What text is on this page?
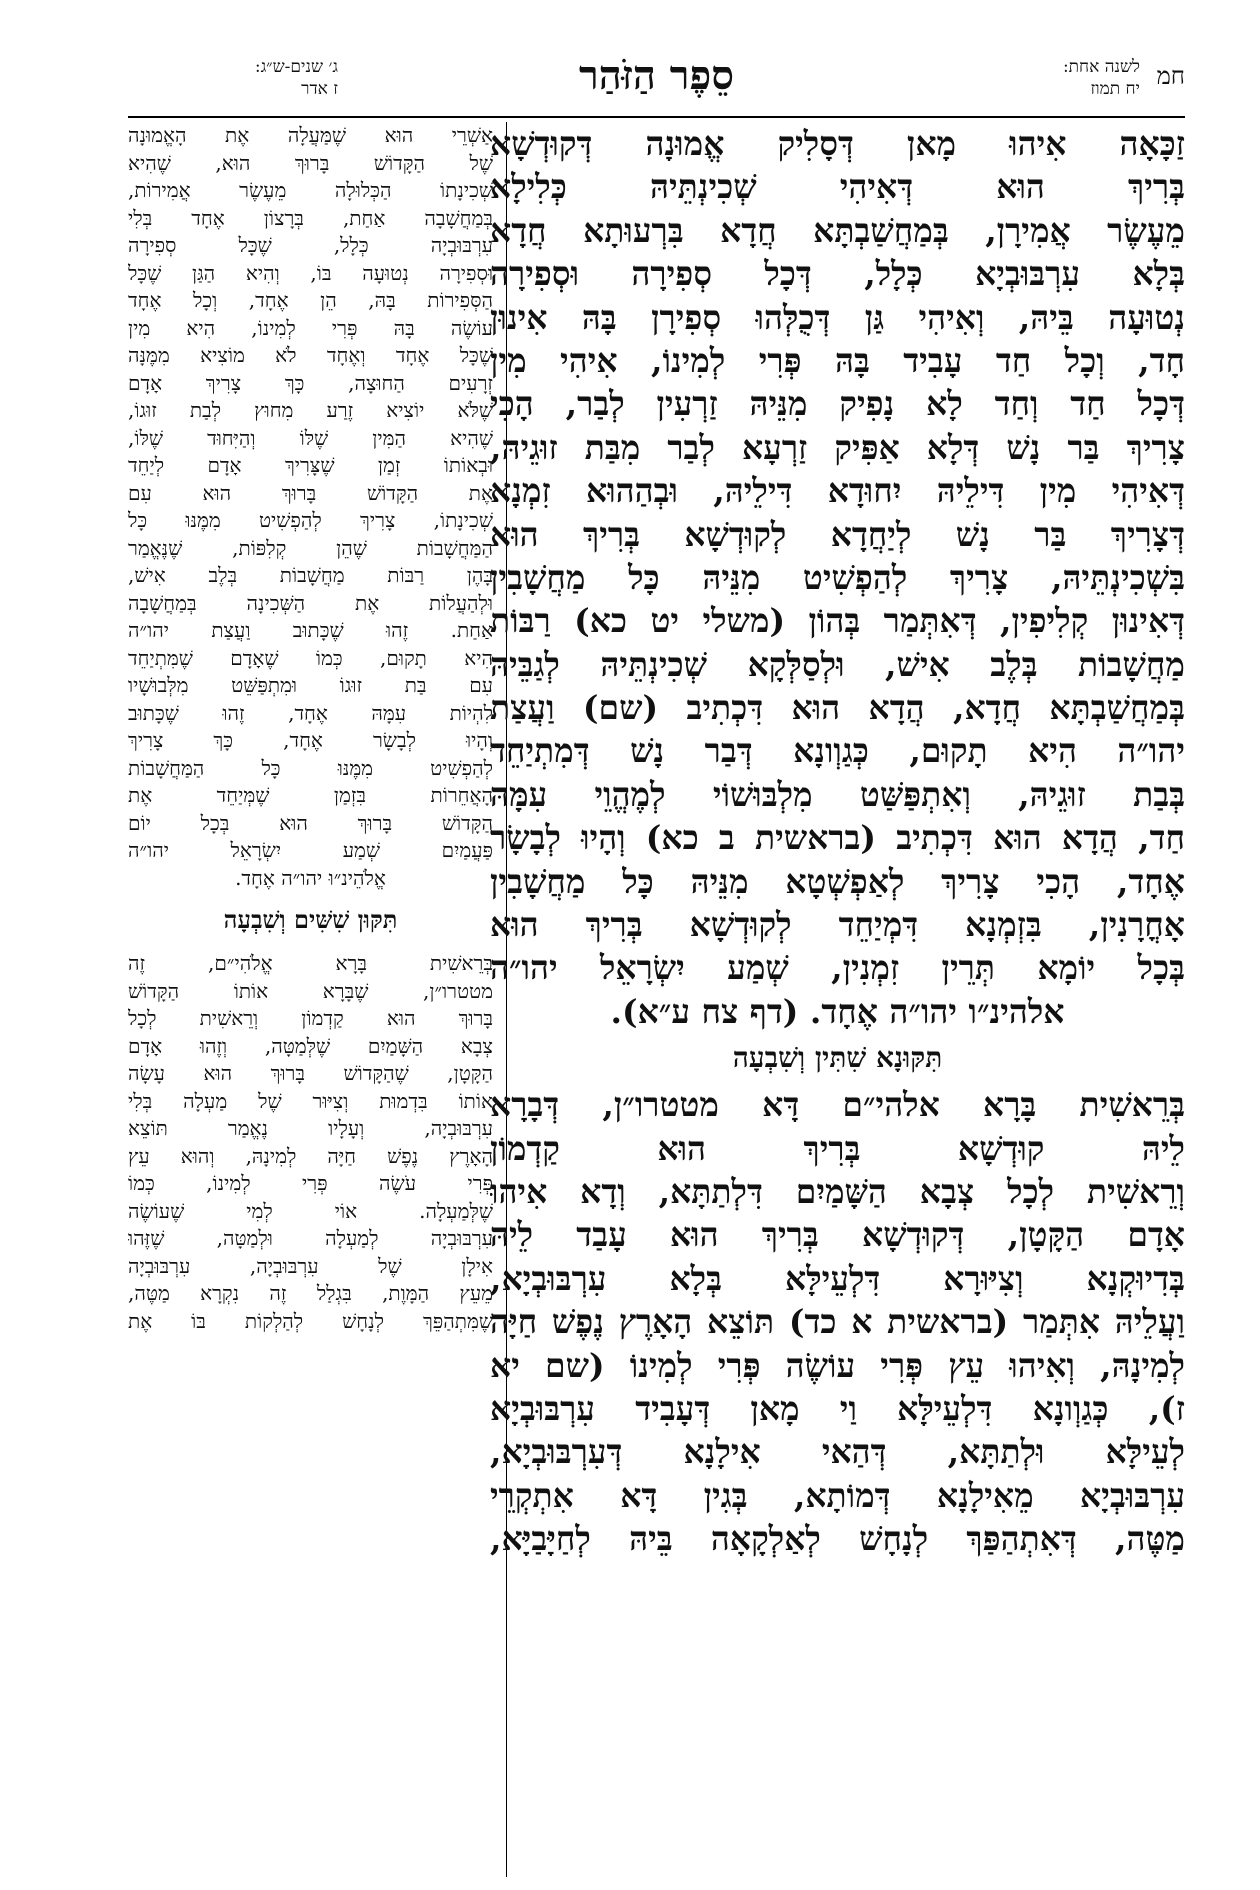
חמ
לשנה אחת:
יח תמוז
סֵפֶר הַזֹּהַר
ג׳ שנים-ש״ג:
ז אדר
זַכָּאָה אִיהוּ מָאן דְּסָלִיק אֱמוּנָה דְּקוּדְשָׁא
בְּרִיךְ הוּא דְּאִיהִי שְׁכִינְתֵּיהּ כְּלִילָא
מֵעֶשֶׂר אֲמִירָן, בְּמַחֲשַׁבְתָּא חֲדָא בִּרְעוּתָא חֲדָא
בְּלָא עִרְבּוּבְיָא כְּלָל, דְּכָל סְפִירָה וּסְפִירָה
נְטוּעָה בֵּיהּ, וְאִיהִי גַּן דְּכֻלְּהוּ סְפִירָן בָּהּ אִינוּן
חָד, וְכָל חַד עָבִיד בָּהּ פְּרִי לְמִינוֹ, אִיהִי מִין
דְּכָל חַד וְחַד לָא נָפִיק מִנֵּיהּ זַרְעִין לְבַר, הָכִי
צָרִיךְ בַּר נָשׁ דְּלָא אַפִּיק זַרְעָא לְבַר מִבַּת זוּגֵיהּ,
דְּאִיהִי מִין דִּילֵיהּ יִחוּדָא דִּילֵיהּ, וּבְהַהוּא זִמְנָא
דְּצָרִיךְ בַּר נָשׁ לְיַחֲדָא לְקוּדְשָׁא בְּרִיךְ הוּא
בִּשְׁכִינְתֵּיהּ, צָרִיךְ לְהַפְשִׁיט מִנֵּיהּ כָּל מַחֲשָׁבִין
דְּאִינוּן קְלִיפִין, דְּאִתְּמַר בְּהוֹן (משלי יט כא) רַבּוֹת
מַחֲשָׁבוֹת בְּלֶב אִישׁ, וּלְסַלְּקָא שְׁכִינְתֵּיהּ לְגַבֵּיהּ
בְּמַחֲשַׁבְתָּא חֲדָא, הֲדָא הוּא דִּכְתִיב (שם) וַעֲצַת
יהו״ה הִיא תָקוּם, כְּגַוְונָא דְּבַר נָשׁ דְּמִתְיַחֵד
בְּבַת זוּגֵיהּ, וְאִתְפַּשַּׁט מִלְבּוּשׁוֹי לְמֶהֱוֵי עִמָּהּ
חַד, הֲדָא הוּא דִּכְתִיב (בראשית ב כא) וְהָיוּ לְבָשָׂר
אֶחָד, הָכִי צָרִיךְ לְאַפְשְׁטָא מִנֵּיהּ כָּל מַחֲשָׁבִין
אָחֳרָנִין, בִּזְמְנָא דִּמְיַחֵד לְקוּדְשָׁא בְּרִיךְ הוּא
בְּכָל יוֹמָא תְּרֵין זִמְנִין, שְׁמַע יִשְׂרָאֵל יהו״ה
אלהינ״ו יהו״ה אֶחָד. (דף צח ע״א).
תִּקּוּנָא שִׁתִּין וְשִׁבְעָה
בְּרֵאשִׁית בָּרָא אלהי״ם דָּא מטטרו״ן, דְּבָרָא
לֵיהּ קוּדְשָׁא בְּרִיךְ הוּא קַדְמוֹן
וְרֵאשִׁית לְכָל צְבָא הַשָּׁמַיִם דִּלְתַתָּא, וְדָא אִיהוּ
אָדָם הַקָּטָן, דְּקוּדְשָׁא בְּרִיךְ הוּא עָבַד לֵיהּ
בְּדִיוּקְנָא וְצִיּוּרָא דִּלְעֵילָּא בְּלָא עִרְבּוּבְיָא,
וַעֲלֵיהּ אִתְּמַר (בראשית א כד) תּוֹצֵא הָאָרֶץ נֶפֶשׁ חַיָּה
לְמִינָהּ, וְאִיהוּ עֵץ פְּרִי עוֹשֶׂה פְּרִי לְמִינוֹ (שם יא
ז), כְּגַוְונָא דִּלְעֵילָּא וַי מָאן דְּעָבִיד עִרְבּוּבְיָא
לְעֵילָּא וּלְתַתָּא, דְּהַאי אִילָנָא דְּעִרְבּוּבְיָא,
עִרְבּוּבְיָא מֵאִילָנָא דְּמוֹתָא, בְּגִין דָּא אִתְקְרֵי
מַטֶּה, דְּאִתְהַפַּךְ לְנָחָשׁ לְאַלְקָאָה בֵּיהּ לְחַיָּבַיָּא,
אַשְׁרֵי הוּא שֶׁמַּעֲלָה אֶת הָאֱמוּנָה
שֶׁל הַקָּדוֹשׁ בָּרוּךְ הוּא, שֶׁהִיא
שְׁכִינָתוֹ הַכְּלוּלָה מֵעֶשֶׂר אֲמִירוֹת,
בְּמַחֲשָׁבָה אַחַת, בְּרָצוֹן אֶחָד בְּלִי
עִרְבּוּבְיָה כְּלָל, שֶׁכָּל סְפִירָה
וּסְפִירָה נְטוּעָה בּוֹ, וְהִיא הַגַּן שֶׁכָּל
הַסְּפִירוֹת בָּהּ, הֵן אֶחָד, וְכָל אֶחָד
עוֹשֶׂה בָּהּ פְּרִי לְמִינוֹ, הִיא מִין
שֶׁכָּל אֶחָד וְאֶחָד לֹא מוֹצִיא מִמֶּנָּה
זְרָעִים הַחוּצָה, כָּךְ צָרִיךְ אָדָם
שֶׁלֹּא יוֹצִיא זֶרַע מִחוּץ לְבַת זוּגוֹ,
שֶׁהִיא הַמִּין שֶׁלּוֹ וְהַיִּחוּד שֶׁלּוֹ,
וּבְאוֹתוֹ זְמַן שֶׁצָּרִיךְ אָדָם לְיַחֵד
אֶת הַקָּדוֹשׁ בָּרוּךְ הוּא עִם
שְׁכִינָתוֹ, צָרִיךְ לְהַפְשִׁיט מִמֶּנּוּ כָּל
הַמַּחֲשָׁבוֹת שֶׁהֵן קְלִפּוֹת, שֶׁנֶּאֱמַר
בָּהֶן רַבּוֹת מַחֲשָׁבוֹת בְּלֶב אִישׁ,
וּלְהַעֲלוֹת אֶת הַשְּׁכִינָה בְּמַחֲשָׁבָה
אַחַת. זֶהוּ שֶׁכָּתוּב וַעֲצַת יהו״ה
הִיא תָקוּם, כְּמוֹ שֶׁאָדָם שֶׁמִּתְיַחֵד
עִם בַּת זוּגוֹ וּמִתְפַּשֵּׁט מִלְּבוּשָׁיו
לִהְיוֹת עִמָּהּ אֶחָד, זֶהוּ שֶׁכָּתוּב
וְהָיוּ לְבָשָׂר אֶחָד, כָּךְ צָרִיךְ
לְהַפְשִׁיט מִמֶּנּוּ כָּל הַמַּחֲשָׁבוֹת
הָאֲחֵרוֹת בִּזְמַן שֶׁמְּיַחֵד אֶת
הַקָּדוֹשׁ בָּרוּךְ הוּא בְּכָל יוֹם
פַּעֲמַיִם שְׁמַע יִשְׂרָאֵל יהו״ה
אֱלֹהֵינ״וּ יהו״ה אֶחָד.
תִּקּוּן שִׁשִּׁים וְשִׁבְעָה
בְּרֵאשִׁית בָּרָא אֱלֹהִי״ם, זֶה
מטטרו״ן, שֶׁבָּרָא אוֹתוֹ הַקָּדוֹשׁ
בָּרוּךְ הוּא קַדְמוֹן וְרֵאשִׁית לְכָל
צְבָא הַשָּׁמַיִם שֶׁלְּמַטָּה, וְזֶהוּ אָדָם
הַקָּטָן, שֶׁהַקָּדוֹשׁ בָּרוּךְ הוּא עָשָׂה
אוֹתוֹ בִּדְמוּת וְצִיּוּר שֶׁל מַעְלָה בְּלִי
עִרְבּוּבְיָה, וְעָלָיו נֶאֱמַר תּוֹצֵא
הָאָרֶץ נֶפֶשׁ חַיָּה לְמִינָהּ, וְהוּא עֵץ
פְּרִי עֹשֶׂה פְּרִי לְמִינוֹ, כְּמוֹ
שֶׁלְּמַעְלָה. אוֹי לְמִי שֶׁעוֹשֶׂה
עִרְבּוּבְיָה לְמַעְלָה וּלְמַטָּה, שֶׁזֶּהוּ
אִילָן שֶׁל עִרְבּוּבְיָה, עִרְבּוּבְיָה
מֵעֵץ הַמָּוֶת, בִּגְלַל זֶה נִקְרָא מַטֶּה,
שֶׁמִּתְהַפֵּךְ לְנָחָשׁ לְהַלְקוֹת בּוֹ אֶת
